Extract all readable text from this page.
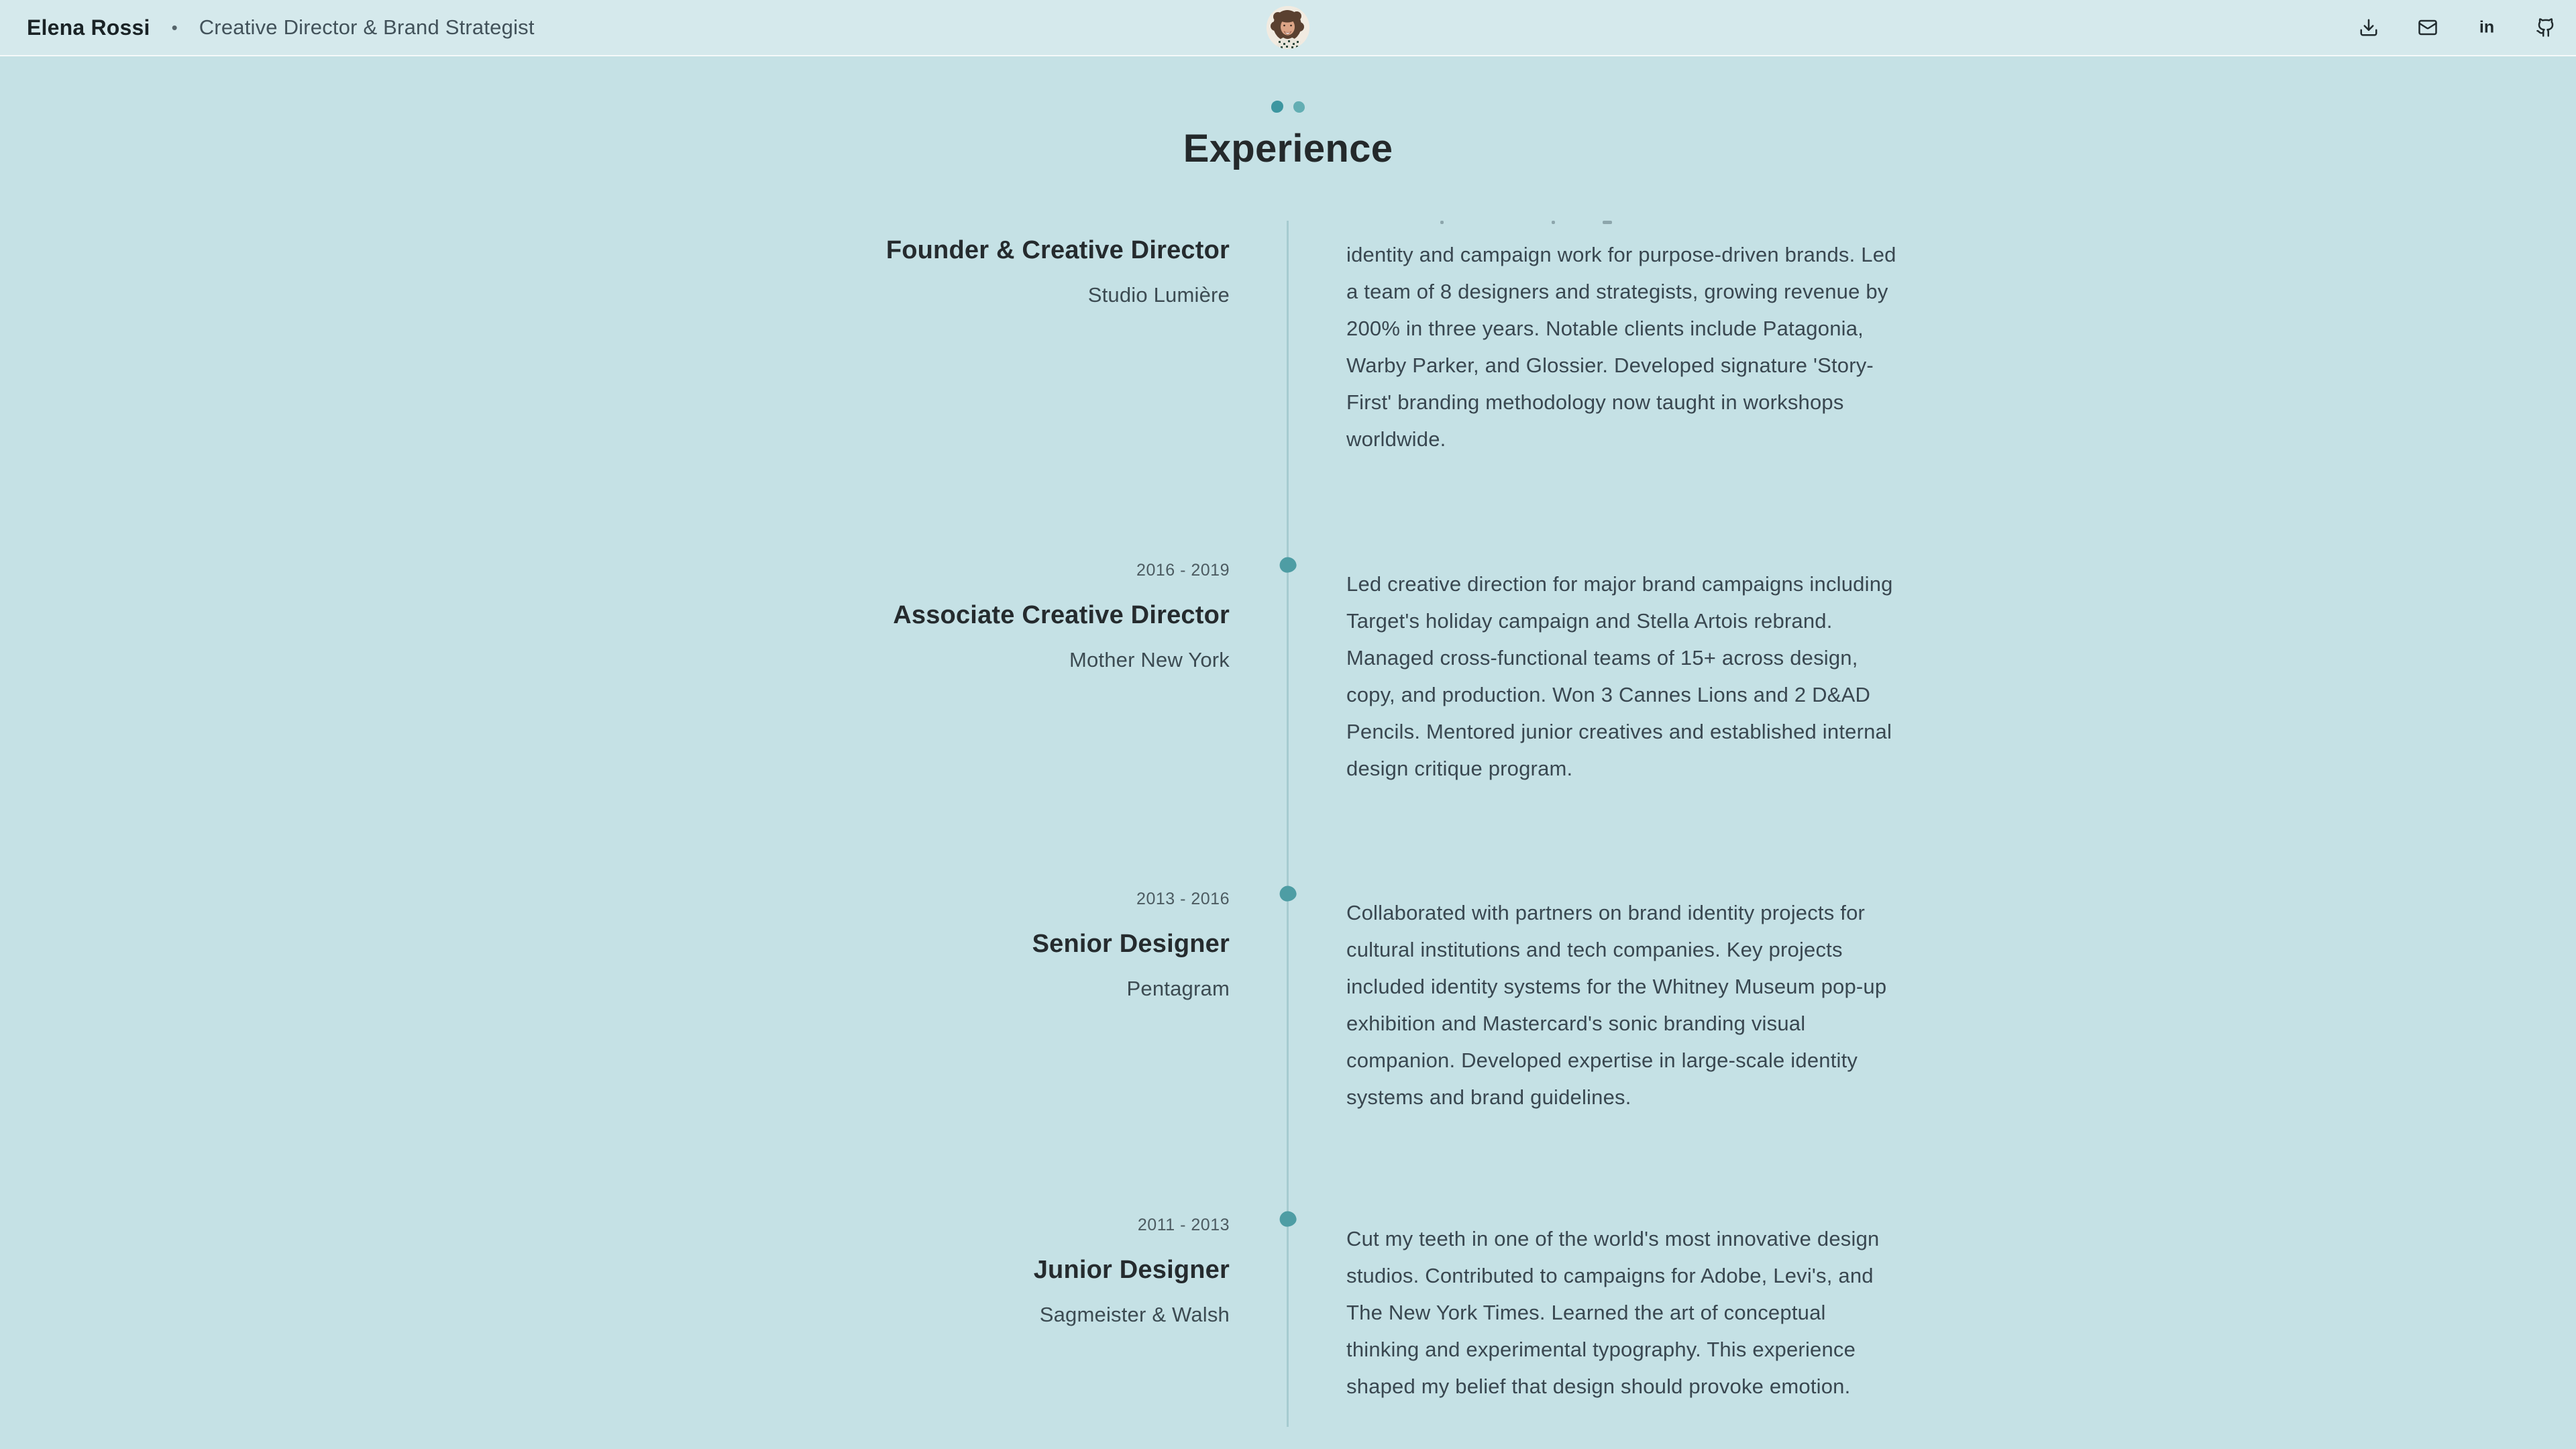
Elena Rossi • Creative Director & Brand Strategist	in
Experience
Founder & Creative Director
Studio Lumière
identity and campaign work for purpose-driven brands. Led a team of 8 designers and strategists, growing revenue by 200% in three years. Notable clients include Patagonia, Warby Parker, and Glossier. Developed signature 'Story-First' branding methodology now taught in workshops worldwide.
2016 - 2019
Associate Creative Director
Mother New York
Led creative direction for major brand campaigns including Target's holiday campaign and Stella Artois rebrand. Managed cross-functional teams of 15+ across design, copy, and production. Won 3 Cannes Lions and 2 D&AD Pencils. Mentored junior creatives and established internal design critique program.
2013 - 2016
Senior Designer
Pentagram
Collaborated with partners on brand identity projects for cultural institutions and tech companies. Key projects included identity systems for the Whitney Museum pop-up exhibition and Mastercard's sonic branding visual companion. Developed expertise in large-scale identity systems and brand guidelines.
2011 - 2013
Junior Designer
Sagmeister & Walsh
Cut my teeth in one of the world's most innovative design studios. Contributed to campaigns for Adobe, Levi's, and The New York Times. Learned the art of conceptual thinking and experimental typography. This experience shaped my belief that design should provoke emotion.
